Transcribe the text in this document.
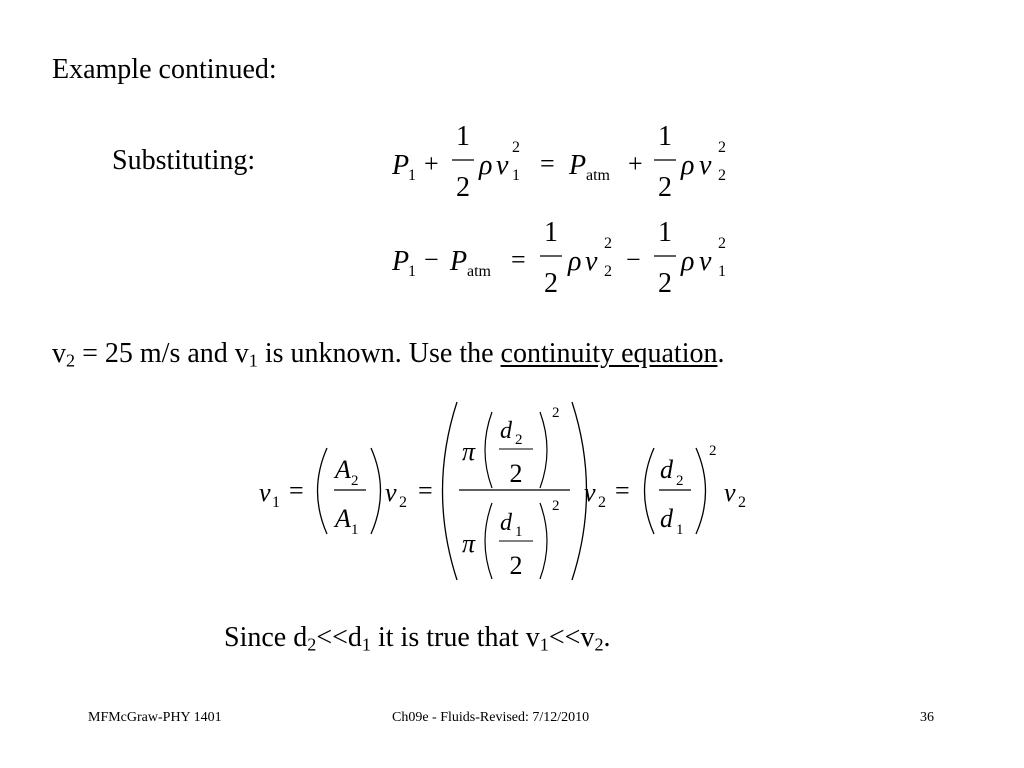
Example continued:
Substituting:
$v_2 = 25$ m/s and $v_1$ is unknown. Use the continuity equation.
Since $d_2<<d_1$ it is true that $v_1<<v_2$.
P
1 +
1
2
ρ v
2
1 = P atm +
1
2
ρ v
2
2
P
1 − P atm =
1
2
ρ v
2
2 −
1
2
ρ v
2
1
v 1 =
A 2
A 1
v 2 =
π
d 2
2
2
π
d 1
2
2 v 2 =
d 2
d 1
2
v 2
MFMcGraw-PHY 1401	Ch09e - Fluids-Revised: 7/12/2010	36
